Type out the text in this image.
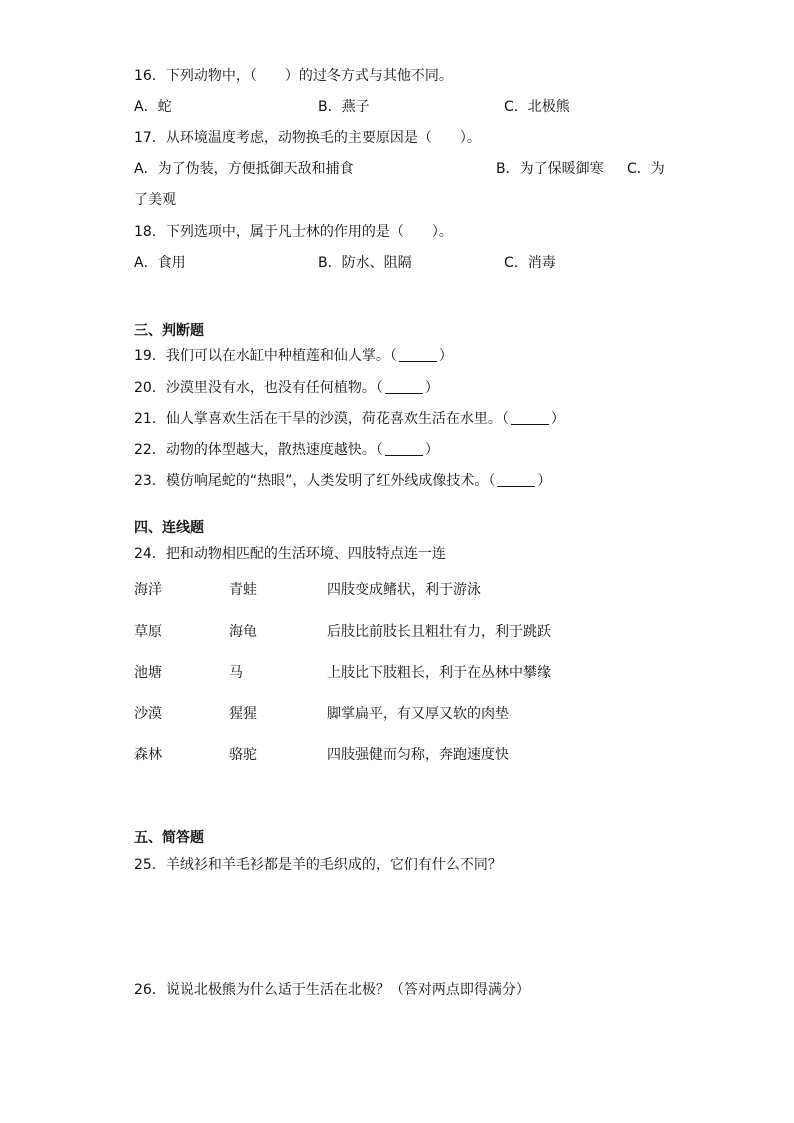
16．下列动物中，（　　）的过冬方式与其他不同。
A．蛇	B．燕子	C．北极熊
17．从环境温度考虑，动物换毛的主要原因是（　　）。
A．为了伪装，方便抵御天敌和捕食	B．为了保暖御寒 C．为
了美观
18．下列选项中，属于凡士林的作用的是（　　）。
A．食用	B．防水、阻隔	C．消毒
三、判断题
19．我们可以在水缸中种植莲和仙人掌。（	）
20．沙漠里没有水，也没有任何植物。（	）
21．仙人掌喜欢生活在干旱的沙漠，荷花喜欢生活在水里。（	）
22．动物的体型越大，散热速度越快。（	）
23．模仿响尾蛇的“热眼”，人类发明了红外线成像技术。（	）
四、连线题
24．把和动物相匹配的生活环境、四肢特点连一连
海洋	青蛙	四肢变成鳍状，利于游泳
草原	海龟	后肢比前肢长且粗壮有力，利于跳跃
池塘	马	上肢比下肢粗长，利于在丛林中攀缘
沙漠	猩猩	脚掌扁平，有又厚又软的肉垫
森林	骆驼	四肢强健而匀称，奔跑速度快
五、简答题
25．羊绒衫和羊毛衫都是羊的毛织成的，它们有什么不同？
26．说说北极熊为什么适于生活在北极？（答对两点即得满分）
